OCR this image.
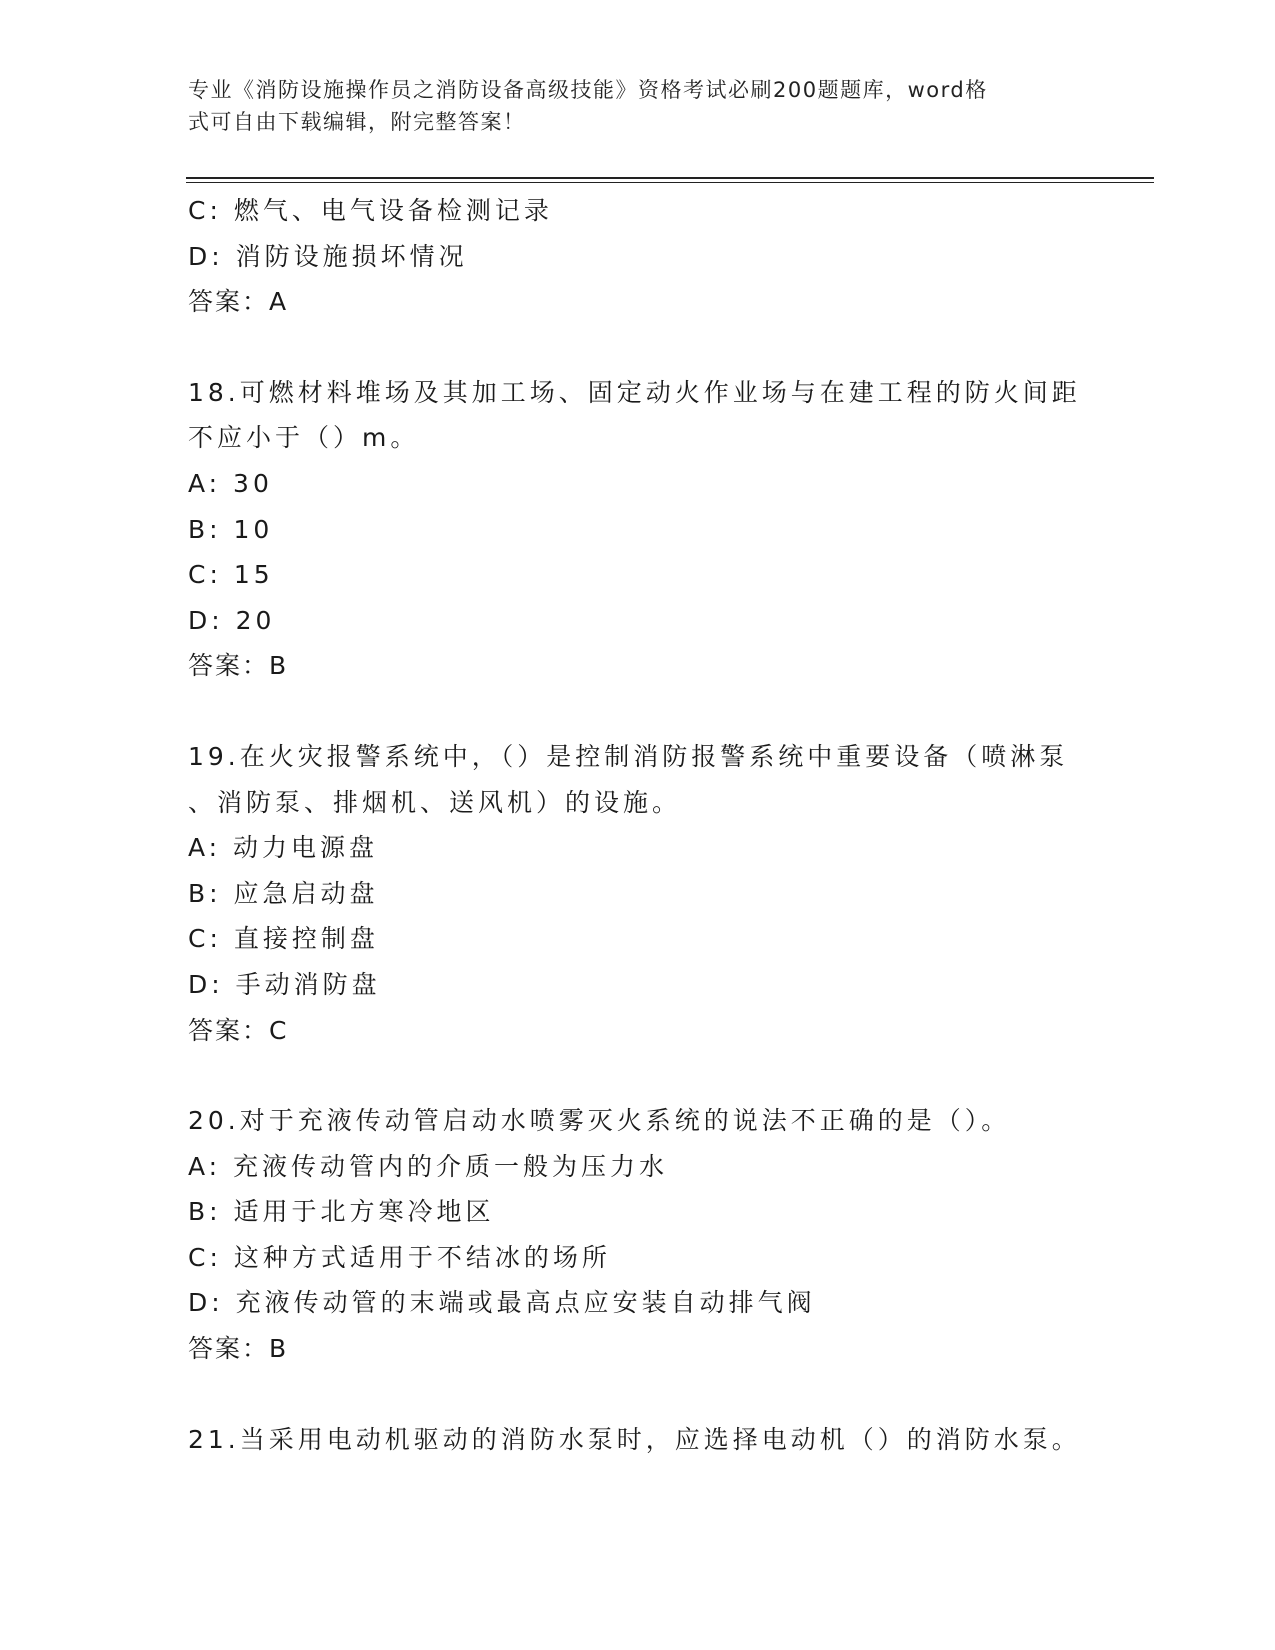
专业《消防设施操作员之消防设备高级技能》资格考试必刷200题题库，word格
式可自由下载编辑，附完整答案！
C: 燃气、电气设备检测记录
D: 消防设施损坏情况
答案：A
18.可燃材料堆场及其加工场、固定动火作业场与在建工程的防火间距
不应小于（）m。
A: 30
B: 10
C: 15
D: 20
答案：B
19.在火灾报警系统中，（）是控制消防报警系统中重要设备（喷淋泵
、消防泵、排烟机、送风机）的设施。
A: 动力电源盘
B: 应急启动盘
C: 直接控制盘
D: 手动消防盘
答案：C
20.对于充液传动管启动水喷雾灭火系统的说法不正确的是（）。
A: 充液传动管内的介质一般为压力水
B: 适用于北方寒冷地区
C: 这种方式适用于不结冰的场所
D: 充液传动管的末端或最高点应安装自动排气阀
答案：B
21.当采用电动机驱动的消防水泵时，应选择电动机（）的消防水泵。
